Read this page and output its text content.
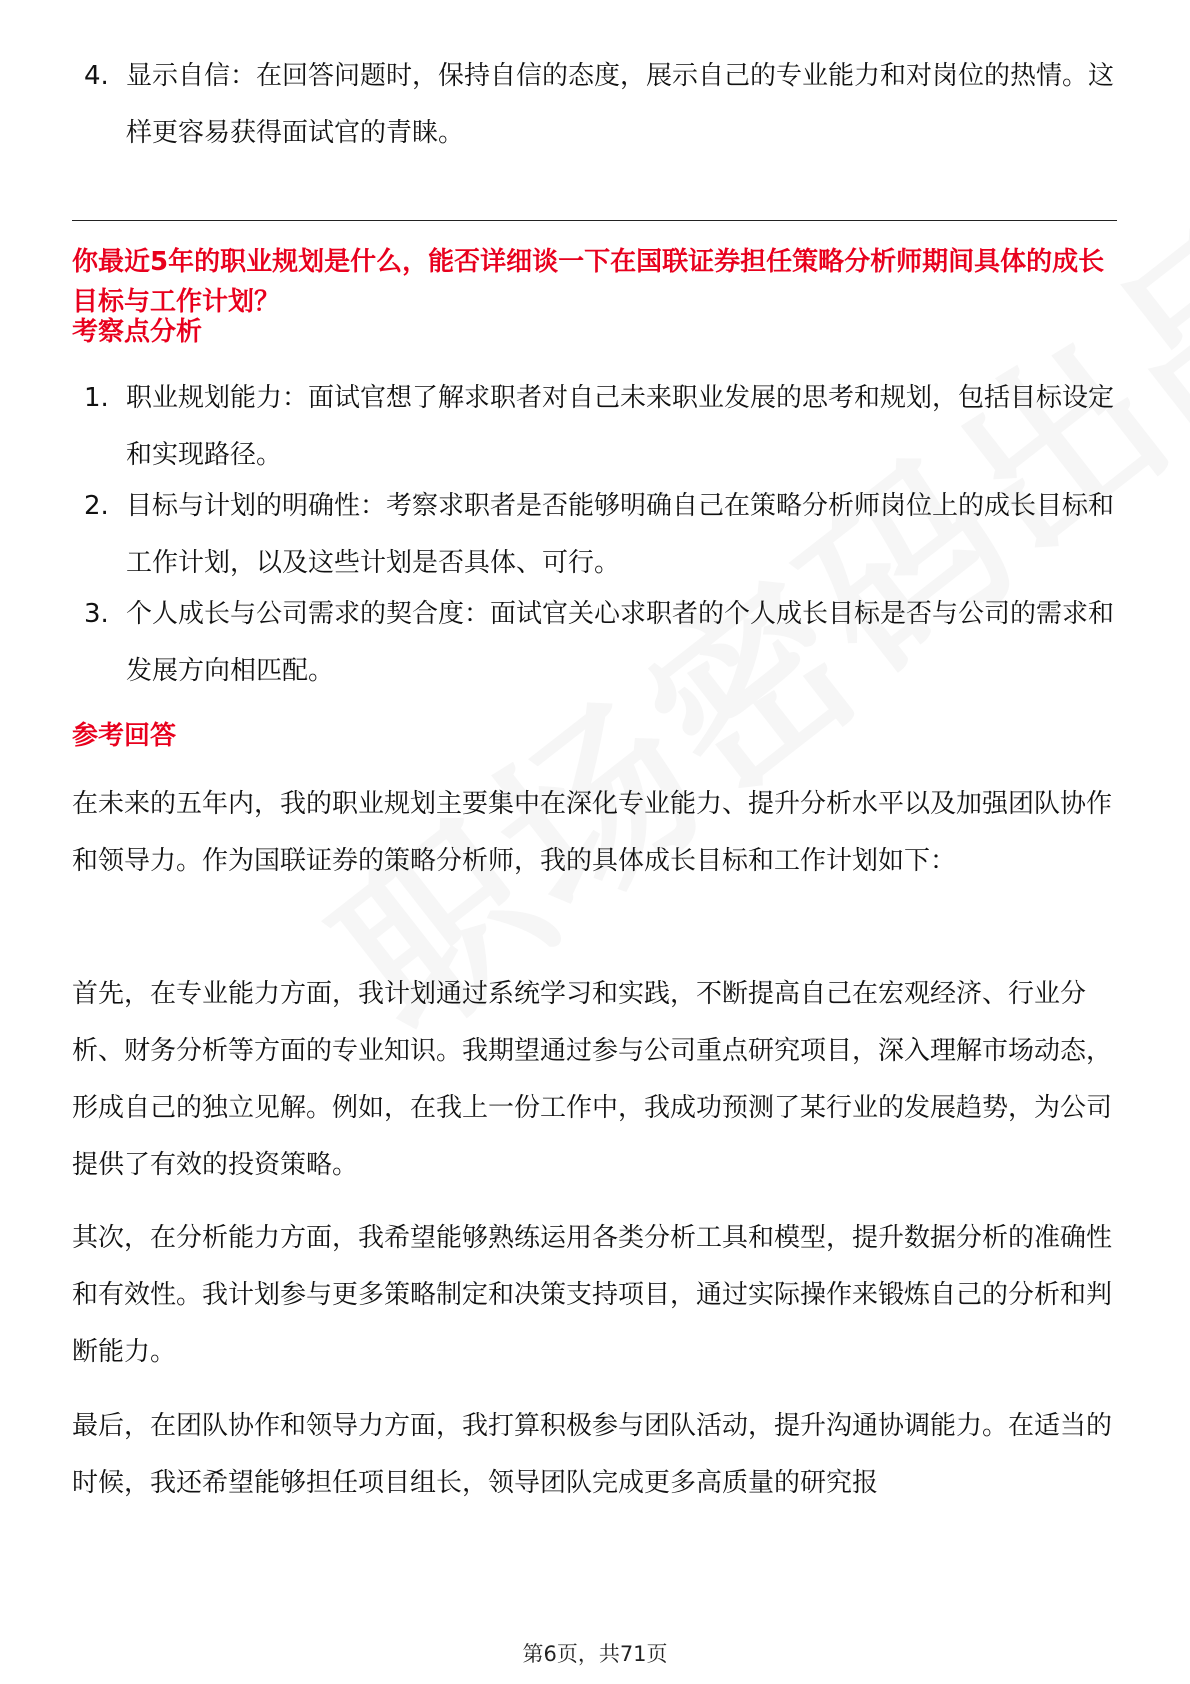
4. 显示自信：在回答问题时，保持自信的态度，展示自己的专业能力和对岗位的热情。这样更容易获得面试官的青睐。

你最近5年的职业规划是什么，能否详细谈一下在国联证券担任策略分析师期间具体的成长目标与工作计划？

考察点分析

1. 职业规划能力：面试官想了解求职者对自己未来职业发展的思考和规划，包括目标设定和实现路径。

2. 目标与计划的明确性：考察求职者是否能够明确自己在策略分析师岗位上的成长目标和工作计划，以及这些计划是否具体、可行。

3. 个人成长与公司需求的契合度：面试官关心求职者的个人成长目标是否与公司的需求和发展方向相匹配。

参考回答

在未来的五年内，我的职业规划主要集中在深化专业能力、提升分析水平以及加强团队协作和领导力。作为国联证券的策略分析师，我的具体成长目标和工作计划如下：

首先，在专业能力方面，我计划通过系统学习和实践，不断提高自己在宏观经济、行业分析、财务分析等方面的专业知识。我期望通过参与公司重点研究项目，深入理解市场动态，形成自己的独立见解。例如，在我上一份工作中，我成功预测了某行业的发展趋势，为公司提供了有效的投资策略。

其次，在分析能力方面，我希望能够熟练运用各类分析工具和模型，提升数据分析的准确性和有效性。我计划参与更多策略制定和决策支持项目，通过实际操作来锻炼自己的分析和判断能力。

最后，在团队协作和领导力方面，我打算积极参与团队活动，提升沟通协调能力。在适当的时候，我还希望能够担任项目组长，领导团队完成更多高质量的研究报

第6页，共71页
